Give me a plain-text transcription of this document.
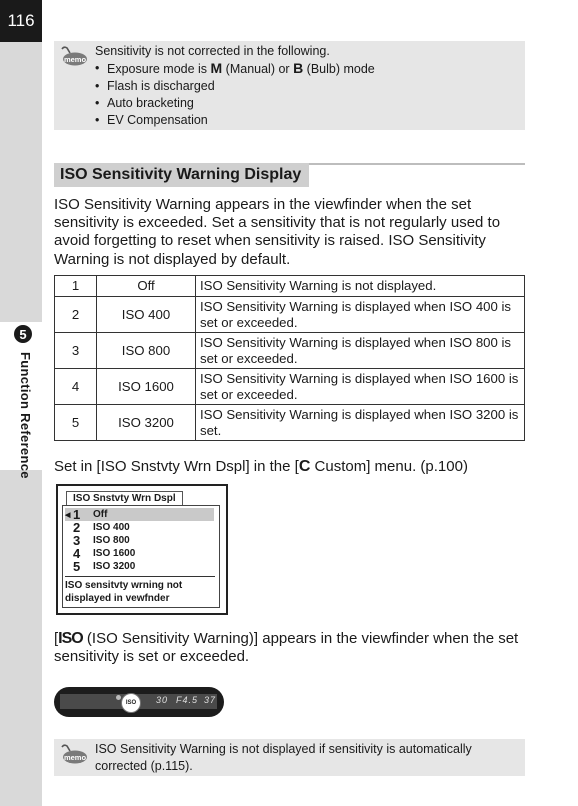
116
5
Function Reference
memo
Sensitivity is not corrected in the following.
• Exposure mode is M (Manual) or B (Bulb) mode
• Flash is discharged
• Auto bracketing
• EV Compensation
ISO Sensitivity Warning Display

ISO Sensitivity Warning appears in the viewfinder when the set sensitivity is exceeded. Set a sensitivity that is not regularly used to avoid forgetting to reset when sensitivity is raised. ISO Sensitivity Warning is not displayed by default.

1	Off	ISO Sensitivity Warning is not displayed.
2	ISO 400	ISO Sensitivity Warning is displayed when ISO 400 is set or exceeded.
3	ISO 800	ISO Sensitivity Warning is displayed when ISO 800 is set or exceeded.
4	ISO 1600	ISO Sensitivity Warning is displayed when ISO 1600 is set or exceeded.
5	ISO 3200	ISO Sensitivity Warning is displayed when ISO 3200 is set.

Set in [ISO Snstvty Wrn Dspl] in the [C Custom] menu. (p.100)

ISO Snstvty Wrn Dspl
◀ 1	Off
2	ISO 400
3	ISO 800
4	ISO 1600
5	ISO 3200
ISO sensitvty wrning not
displayed in vewfnder

[ISO (ISO Sensitivity Warning)] appears in the viewfinder when the set sensitivity is set or exceeded.

ISO 30 F4.5 37
memo
ISO Sensitivity Warning is not displayed if sensitivity is automatically corrected (p.115).
